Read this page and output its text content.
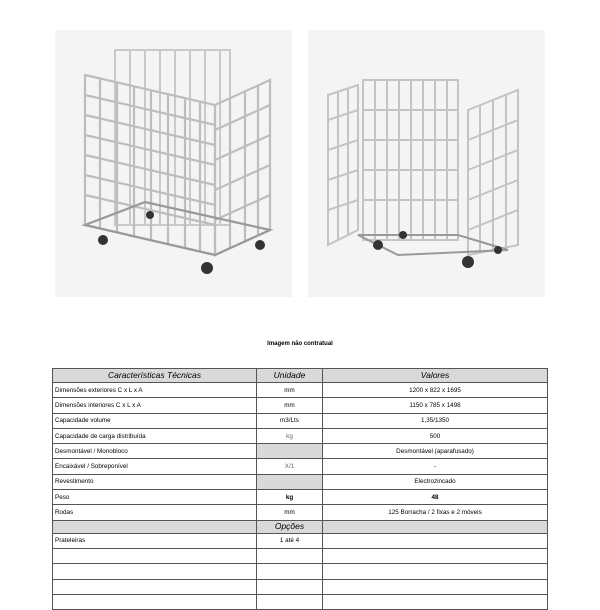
Imagem não contratual
Características Técnicas	Unidade	Valores
Dimensões exteriores C x L x A	mm	1200 x 822 x 1695
Dimensões interiores C x L x A	mm	1150 x 785 x 1498
Capacidade volume	m3/Lts	1,35/1350
Capacidade de carga distribuída	kg	500
Desmontável / Monobloco		Desmontável (aparafusado)
Encaixável / Sobreponível	X/1	-
Revestimento		Electrozincado
Peso	kg	48
Rodas	mm	125 Borracha / 2 fixas e 2 móveis
	Opções	
Prateleiras	1 até 4	
